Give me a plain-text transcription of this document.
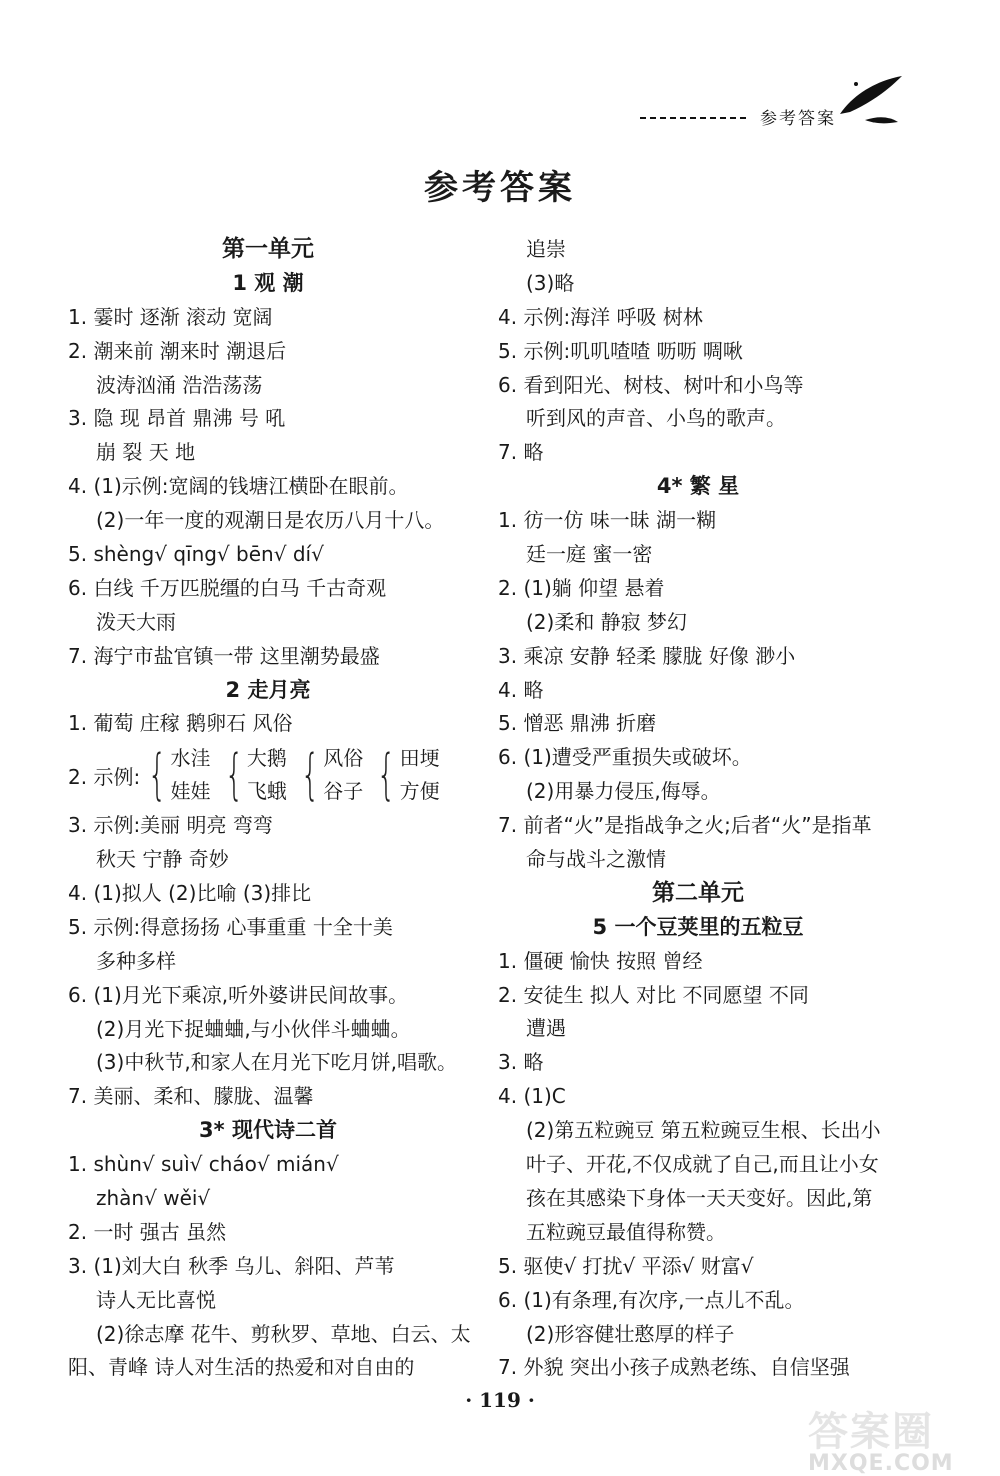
参考答案
参考答案
第一单元
1 观 潮
1. 霎时 逐渐 滚动 宽阔
2. 潮来前 潮来时 潮退后
波涛汹涌 浩浩荡荡
3. 隐 现 昂首 鼎沸 号 吼
崩 裂 天 地
4. (1)示例:宽阔的钱塘江横卧在眼前。
(2)一年一度的观潮日是农历八月十八。
5. shèng√ qīng√ bēn√ dí√
6. 白线 千万匹脱缰的白马 千古奇观
泼天大雨
7. 海宁市盐官镇一带 这里潮势最盛
2 走月亮
1. 葡萄 庄稼 鹅卵石 风俗
2. 示例: { 水洼
娃娃 { 大鹅
飞蛾 { 风俗
谷子 { 田埂
方便
3. 示例:美丽 明亮 弯弯
秋天 宁静 奇妙
4. (1)拟人 (2)比喻 (3)排比
5. 示例:得意扬扬 心事重重 十全十美
多种多样
6. (1)月光下乘凉,听外婆讲民间故事。
(2)月光下捉蛐蛐,与小伙伴斗蛐蛐。
(3)中秋节,和家人在月光下吃月饼,唱歌。
7. 美丽、柔和、朦胧、温馨
3* 现代诗二首
1. shùn√ suì√ cháo√ mián√
zhàn√ wěi√
2. 一时 强古 虽然
3. (1)刘大白 秋季 乌儿、斜阳、芦苇
诗人无比喜悦
(2)徐志摩 花牛、剪秋罗、草地、白云、太
阳、青峰 诗人对生活的热爱和对自由的
追崇
(3)略
4. 示例:海洋 呼吸 树林
5. 示例:叽叽喳喳 呖呖 啁啾
6. 看到阳光、树枝、树叶和小鸟等
听到风的声音、小鸟的歌声。
7. 略
4* 繁 星
1. 彷一仿 味一昧 湖一糊
廷一庭 蜜一密
2. (1)躺 仰望 悬着
(2)柔和 静寂 梦幻
3. 乘凉 安静 轻柔 朦胧 好像 渺小
4. 略
5. 憎恶 鼎沸 折磨
6. (1)遭受严重损失或破坏。
(2)用暴力侵压,侮辱。
7. 前者“火”是指战争之火;后者“火”是指革
命与战斗之激情
第二单元
5 一个豆荚里的五粒豆
1. 僵硬 愉快 按照 曾经
2. 安徒生 拟人 对比 不同愿望 不同
遭遇
3. 略
4. (1)C
(2)第五粒豌豆 第五粒豌豆生根、长出小
叶子、开花,不仅成就了自己,而且让小女
孩在其感染下身体一天天变好。因此,第
五粒豌豆最值得称赞。
5. 驱使√ 打扰√ 平添√ 财富√
6. (1)有条理,有次序,一点儿不乱。
(2)形容健壮憨厚的样子
7. 外貌 突出小孩子成熟老练、自信坚强
· 119 ·
答案圈
MXQE.COM
